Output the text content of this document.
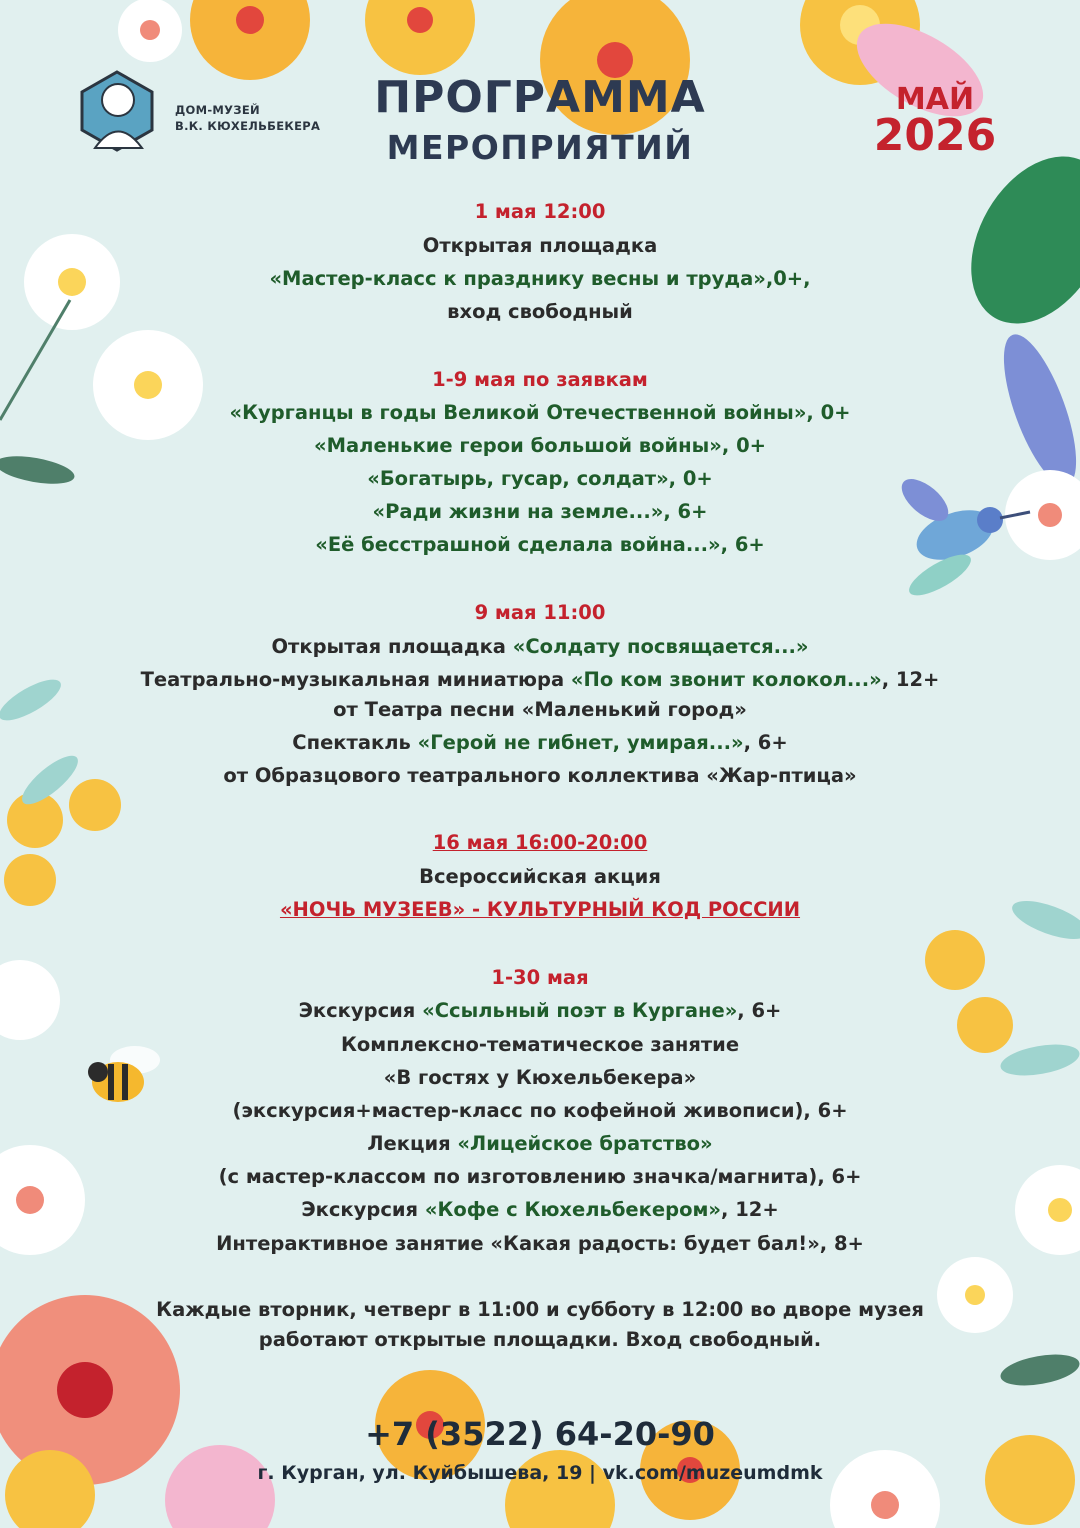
ДОМ-МУЗЕЙ
В.К. КЮХЕЛЬБЕКЕРА
ПРОГРАММА
МЕРОПРИЯТИЙ
МАЙ
2026
1 мая 12:00
Открытая площадка
«Мастер-класс к празднику весны и труда»,0+,
вход свободный
1-9 мая по заявкам
«Курганцы в годы Великой Отечественной войны», 0+
«Маленькие герои большой войны», 0+
«Богатырь, гусар, солдат», 0+
«Ради жизни на земле...», 6+
«Её бесстрашной сделала война...», 6+
9 мая 11:00
Открытая площадка «Солдату посвящается...»
Театрально-музыкальная миниатюра «По ком звонит колокол...», 12+
от Театра песни «Маленький город»
Спектакль «Герой не гибнет, умирая...», 6+
от Образцового театрального коллектива «Жар-птица»
16 мая 16:00-20:00
Всероссийская акция
«НОЧЬ МУЗЕЕВ» - КУЛЬТУРНЫЙ КОД РОССИИ
1-30 мая
Экскурсия «Ссыльный поэт в Кургане», 6+
Комплексно-тематическое занятие
«В гостях у Кюхельбекера»
(экскурсия+мастер-класс по кофейной живописи), 6+
Лекция «Лицейское братство»
(с мастер-классом по изготовлению значка/магнита), 6+
Экскурсия «Кофе с Кюхельбекером», 12+
Интерактивное занятие «Какая радость: будет бал!», 8+
Каждые вторник, четверг в 11:00 и субботу в 12:00 во дворе музея
работают открытые площадки. Вход свободный.
+7 (3522) 64-20-90
г. Курган, ул. Куйбышева, 19 | vk.com/muzeumdmk
